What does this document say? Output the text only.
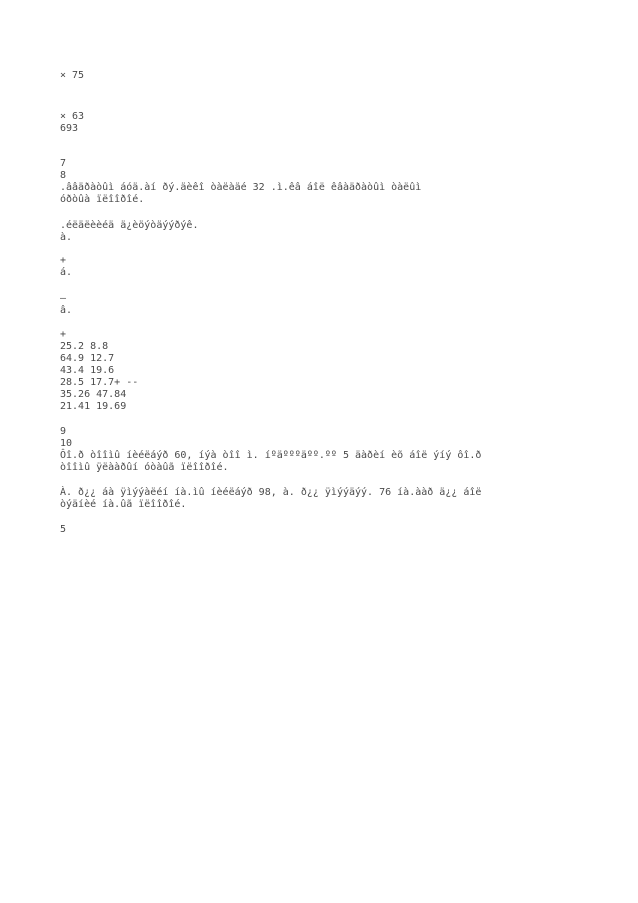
× 75
× 63
693
7
8
.ââäðàòûì áóä.àí ðý.äèêî òàëàäé 32 .ì.êâ áîë êâàäðàòûì òàëûì
óðòûà ïëîîðîé.
.éëäëèèéä ä¿èöýòäýýðýê.
à.
+
á.
–
â.
+
25.2 8.8
64.9 12.7
43.4 19.6
28.5 17.7+ --
35.26 47.84
21.41 19.69
9
10
Ôî.ð òîîìû íèéëáýð 60, íýà òîî ì. íºäºººäºº.ºº 5 äàðèí èõ áîë ýíý ôî.ð
òîîìû ÿëààðûí óòàûã ïëîîðîé.
À. ð¿¿ áà ÿìýýàëéí íà.ìû íèéëáýð 98, à. ð¿¿ ÿìýýäýý. 76 íà.ààð ä¿¿ áîë
òýäíèé íà.ûã ïëîîðîé.
5
